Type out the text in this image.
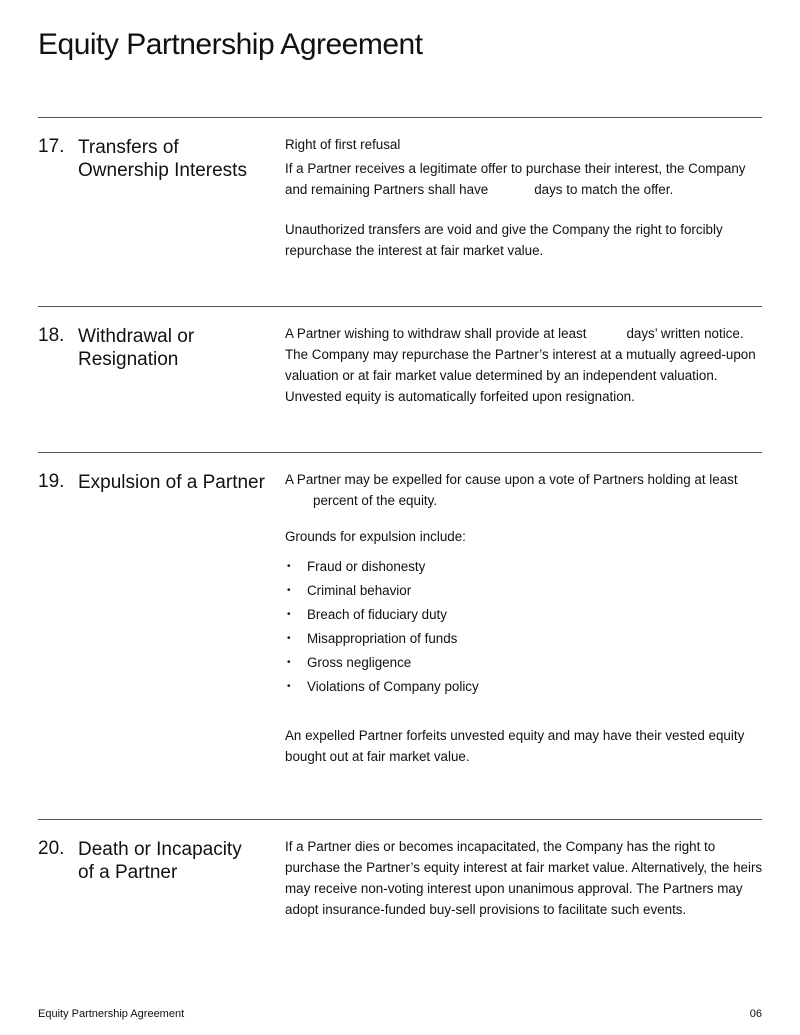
Equity Partnership Agreement
17. Transfers of Ownership Interests

Right of first refusal

If a Partner receives a legitimate offer to purchase their interest, the Company and remaining Partners shall have	days to match the offer.

Unauthorized transfers are void and give the Company the right to forcibly repurchase the interest at fair market value.

18. Withdrawal or Resignation

A Partner wishing to withdraw shall provide at least	days’ written notice. The Company may repurchase the Partner’s interest at a mutually agreed-upon valuation or at fair market value determined by an independent valuation. Unvested equity is automatically forfeited upon resignation.

19. Expulsion of a Partner	A Partner may be expelled for cause upon a vote of Partners holding at least percent of the equity.

Grounds for expulsion include:

• Fraud or dishonesty
• Criminal behavior
• Breach of fiduciary duty
• Misappropriation of funds
• Gross negligence
• Violations of Company policy

An expelled Partner forfeits unvested equity and may have their vested equity bought out at fair market value.

20. Death or Incapacity of a Partner

If a Partner dies or becomes incapacitated, the Company has the right to purchase the Partner’s equity interest at fair market value. Alternatively, the heirs may receive non-voting interest upon unanimous approval. The Partners may adopt insurance-funded buy-sell provisions to facilitate such events.

Equity Partnership Agreement	06
